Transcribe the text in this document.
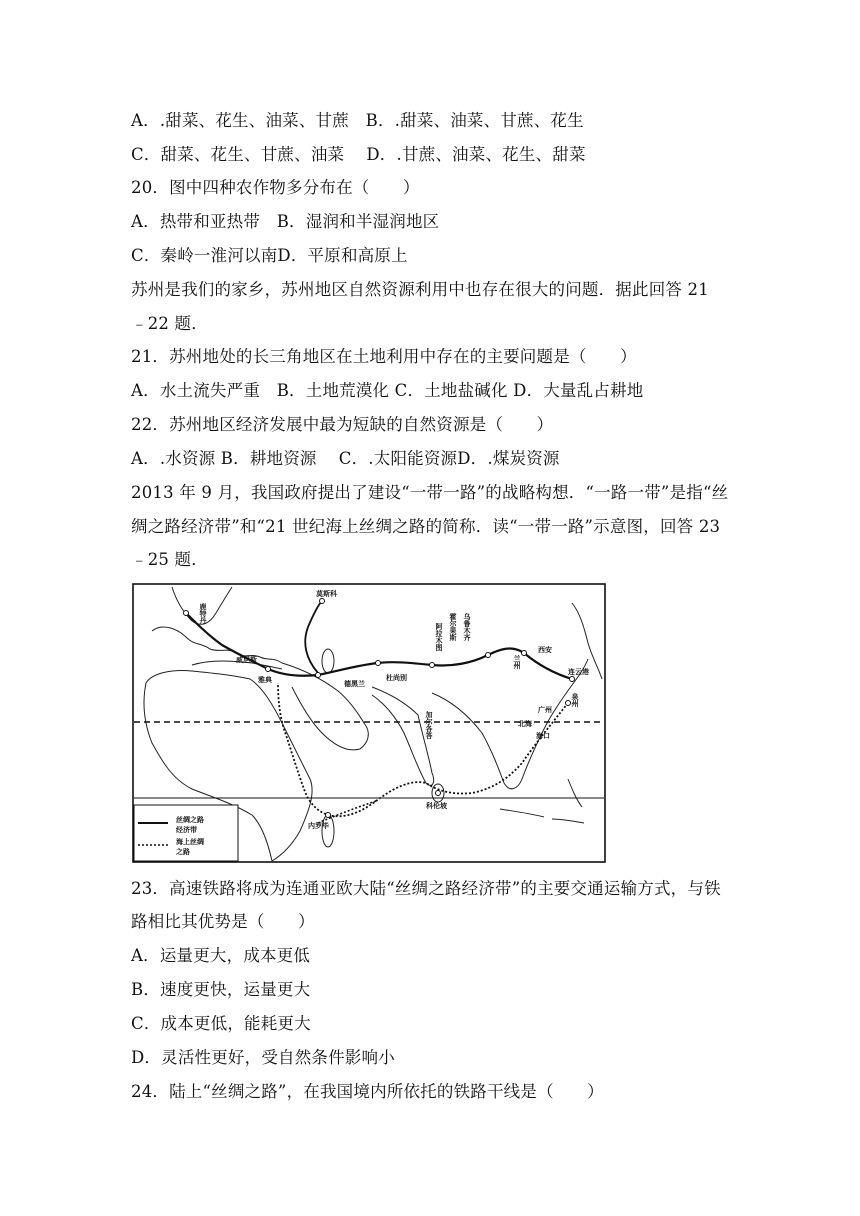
A．.甜菜、花生、油菜、甘蔗　B．.甜菜、油菜、甘蔗、花生
C．甜菜、花生、甘蔗、油菜　 D．.甘蔗、油菜、花生、甜菜
20．图中四种农作物多分布在（　　）
A．热带和亚热带　B．湿润和半湿润地区
C．秦岭一淮河以南D．平原和高原上
苏州是我们的家乡，苏州地区自然资源利用中也存在很大的问题．据此回答 21
﹣22 题．
21．苏州地处的长三角地区在土地利用中存在的主要问题是（　　）
A．水土流失严重　B．土地荒漠化 C．土地盐碱化 D．大量乱占耕地
22．苏州地区经济发展中最为短缺的自然资源是（　　）
A．.水资源 B．耕地资源　 C．.太阳能资源D．.煤炭资源
2013 年 9 月，我国政府提出了建设“一带一路”的战略构想．“一路一带”是指“丝
绸之路经济带”和“21 世纪海上丝绸之路的简称．读“一带一路”示意图，回答 23
﹣25 题．
23．高速铁路将成为连通亚欧大陆“丝绸之路经济带”的主要交通运输方式，与铁
路相比其优势是（　　）
A．运量更大，成本更低
B．速度更快，运量更大
C．成本更低，能耗更大
D．灵活性更好，受自然条件影响小
24．陆上“丝绸之路”，在我国境内所依托的铁路干线是（　　）
丝绸之路
经济带
海上丝绸
之路
莫斯科
乌鲁木齐
霍尔果斯
阿拉木图	西安
兰州
连云港
泉州
广州
北海
海口
德黑兰
杜尚别
加尔各答
科伦坡
内罗毕
鹿特丹
威尼斯
雅典
